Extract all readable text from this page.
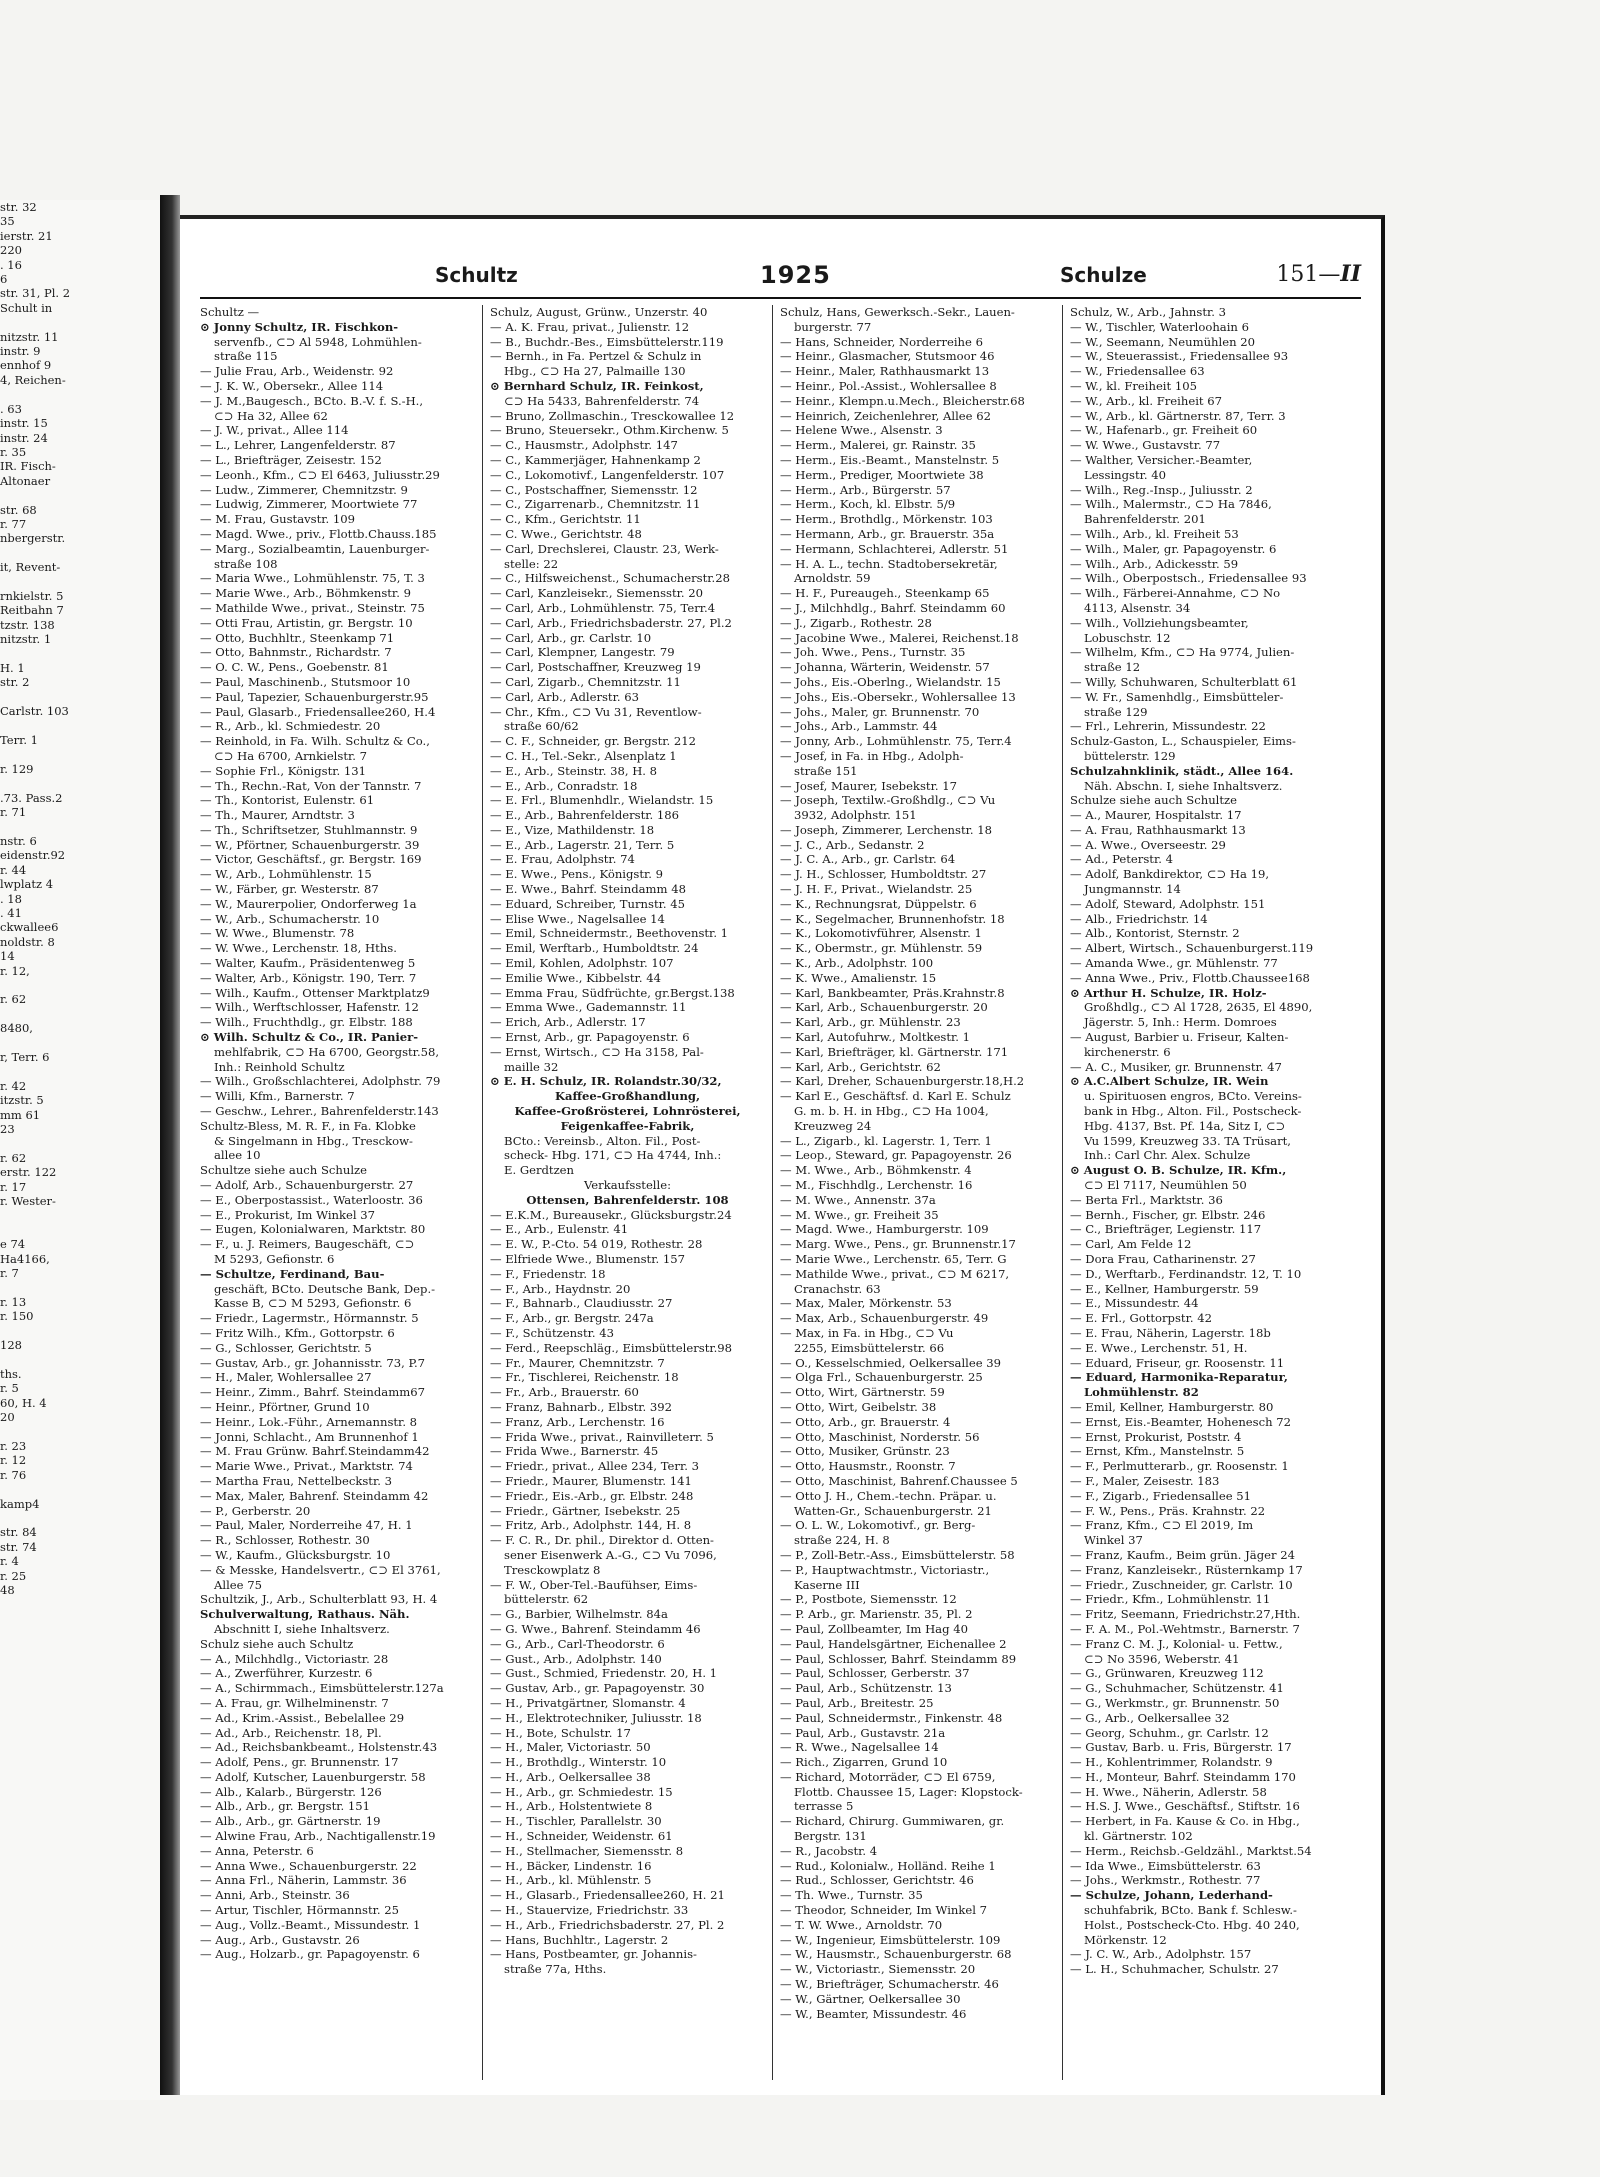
str. 32
35
ierstr. 21
220
. 16
6
str. 31, Pl. 2
Schult in

nitzstr. 11
instr. 9
ennhof 9
4, Reichen-

. 63
instr. 15
instr. 24
r. 35
IR. Fisch-
Altonaer

str. 68
r. 77
nbergerstr.

it, Revent-

rnkielstr. 5
Reitbahn 7
tzstr. 138
nitzstr. 1

H. 1
str. 2

Carlstr. 103

Terr. 1

r. 129

.73. Pass.2
r. 71

nstr. 6
eidenstr.92
r. 44
lwplatz 4
. 18
. 41
ckwallee6
noldstr. 8
14
r. 12,

r. 62

8480,

r, Terr. 6

r. 42
itzstr. 5
mm 61
23

r. 62
erstr. 122
r. 17
r. Wester-

e 74
Ha4166,
r. 7

r. 13
r. 150

128

ths.
r. 5
60, H. 4
20

r. 23
r. 12
r. 76

kamp4

str. 84
str. 74
r. 4
r. 25
48
Schultz	1925	Schulze	151—II
Schultz —
⊙ Jonny Schultz, IR. Fischkon-
servenfb., ⊂⊃ Al 5948, Lohmühlen-
straße 115
— Julie Frau, Arb., Weidenstr. 92
— J. K. W., Obersekr., Allee 114
— J. M.,Baugesch., BCto. B.-V. f. S.-H.,
⊂⊃ Ha 32, Allee 62
— J. W., privat., Allee 114
— L., Lehrer, Langenfelderstr. 87
— L., Briefträger, Zeisestr. 152
— Leonh., Kfm., ⊂⊃ El 6463, Juliusstr.29
— Ludw., Zimmerer, Chemnitzstr. 9
— Ludwig, Zimmerer, Moortwiete 77
— M. Frau, Gustavstr. 109
— Magd. Wwe., priv., Flottb.Chauss.185
— Marg., Sozialbeamtin, Lauenburger-
straße 108
— Maria Wwe., Lohmühlenstr. 75, T. 3
— Marie Wwe., Arb., Böhmkenstr. 9
— Mathilde Wwe., privat., Steinstr. 75
— Otti Frau, Artistin, gr. Bergstr. 10
— Otto, Buchhltr., Steenkamp 71
— Otto, Bahnmstr., Richardstr. 7
— O. C. W., Pens., Goebenstr. 81
— Paul, Maschinenb., Stutsmoor 10
— Paul, Tapezier, Schauenburgerstr.95
— Paul, Glasarb., Friedensallee260, H.4
— R., Arb., kl. Schmiedestr. 20
— Reinhold, in Fa. Wilh. Schultz & Co.,
⊂⊃ Ha 6700, Arnkielstr. 7
— Sophie Frl., Königstr. 131
— Th., Rechn.-Rat, Von der Tannstr. 7
— Th., Kontorist, Eulenstr. 61
— Th., Maurer, Arndtstr. 3
— Th., Schriftsetzer, Stuhlmannstr. 9
— W., Pförtner, Schauenburgerstr. 39
— Victor, Geschäftsf., gr. Bergstr. 169
— W., Arb., Lohmühlenstr. 15
— W., Färber, gr. Westerstr. 87
— W., Maurerpolier, Ondorferweg 1a
— W., Arb., Schumacherstr. 10
— W. Wwe., Blumenstr. 78
— W. Wwe., Lerchenstr. 18, Hths.
— Walter, Kaufm., Präsidentenweg 5
— Walter, Arb., Königstr. 190, Terr. 7
— Wilh., Kaufm., Ottenser Marktplatz9
— Wilh., Werftschlosser, Hafenstr. 12
— Wilh., Fruchthdlg., gr. Elbstr. 188
⊙ Wilh. Schultz & Co., IR. Panier-
mehlfabrik, ⊂⊃ Ha 6700, Georgstr.58,
Inh.: Reinhold Schultz
— Wilh., Großschlachterei, Adolphstr. 79
— Willi, Kfm., Barnerstr. 7
— Geschw., Lehrer., Bahrenfelderstr.143
Schultz-Bless, M. R. F., in Fa. Klobke
& Singelmann in Hbg., Tresckow-
allee 10
Schultze siehe auch Schulze
— Adolf, Arb., Schauenburgerstr. 27
— E., Oberpostassist., Waterloostr. 36
— E., Prokurist, Im Winkel 37
— Eugen, Kolonialwaren, Marktstr. 80
— F., u. J. Reimers, Baugeschäft, ⊂⊃
M 5293, Gefionstr. 6
— Schultze, Ferdinand, Bau-
geschäft, BCto. Deutsche Bank, Dep.-
Kasse B, ⊂⊃ M 5293, Gefionstr. 6
— Friedr., Lagermstr., Hörmannstr. 5
— Fritz Wilh., Kfm., Gottorpstr. 6
— G., Schlosser, Gerichtstr. 5
— Gustav, Arb., gr. Johannisstr. 73, P.7
— H., Maler, Wohlersallee 27
— Heinr., Zimm., Bahrf. Steindamm67
— Heinr., Pförtner, Grund 10
— Heinr., Lok.-Führ., Arnemannstr. 8
— Jonni, Schlacht., Am Brunnenhof 1
— M. Frau Grünw. Bahrf.Steindamm42
— Marie Wwe., Privat., Marktstr. 74
— Martha Frau, Nettelbeckstr. 3
— Max, Maler, Bahrenf. Steindamm 42
— P., Gerberstr. 20
— Paul, Maler, Norderreihe 47, H. 1
— R., Schlosser, Rothestr. 30
— W., Kaufm., Glücksburgstr. 10
— & Messke, Handelsvertr., ⊂⊃ El 3761,
Allee 75
Schultzik, J., Arb., Schulterblatt 93, H. 4
Schulverwaltung, Rathaus. Näh.
Abschnitt I, siehe Inhaltsverz.
Schulz siehe auch Schultz
— A., Milchhdlg., Victoriastr. 28
— A., Zwerführer, Kurzestr. 6
— A., Schirmmach., Eimsbüttelerstr.127a
— A. Frau, gr. Wilhelminenstr. 7
— Ad., Krim.-Assist., Bebelallee 29
— Ad., Arb., Reichenstr. 18, Pl.
— Ad., Reichsbankbeamt., Holstenstr.43
— Adolf, Pens., gr. Brunnenstr. 17
— Adolf, Kutscher, Lauenburgerstr. 58
— Alb., Kalarb., Bürgerstr. 126
— Alb., Arb., gr. Bergstr. 151
— Alb., Arb., gr. Gärtnerstr. 19
— Alwine Frau, Arb., Nachtigallenstr.19
— Anna, Peterstr. 6
— Anna Wwe., Schauenburgerstr. 22
— Anna Frl., Näherin, Lammstr. 36
— Anni, Arb., Steinstr. 36
— Artur, Tischler, Hörmannstr. 25
— Aug., Vollz.-Beamt., Missundestr. 1
— Aug., Arb., Gustavstr. 26
— Aug., Holzarb., gr. Papagoyenstr. 6
Schulz, August, Grünw., Unzerstr. 40
— A. K. Frau, privat., Julienstr. 12
— B., Buchdr.-Bes., Eimsbüttelerstr.119
— Bernh., in Fa. Pertzel & Schulz in
Hbg., ⊂⊃ Ha 27, Palmaille 130
⊙ Bernhard Schulz, IR. Feinkost,
⊂⊃ Ha 5433, Bahrenfelderstr. 74
— Bruno, Zollmaschin., Tresckowallee 12
— Bruno, Steuersekr., Othm.Kirchenw. 5
— C., Hausmstr., Adolphstr. 147
— C., Kammerjäger, Hahnenkamp 2
— C., Lokomotivf., Langenfelderstr. 107
— C., Postschaffner, Siemensstr. 12
— C., Zigarrenarb., Chemnitzstr. 11
— C., Kfm., Gerichtstr. 11
— C. Wwe., Gerichtstr. 48
— Carl, Drechslerei, Claustr. 23, Werk-
stelle: 22
— C., Hilfsweichenst., Schumacherstr.28
— Carl, Kanzleisekr., Siemensstr. 20
— Carl, Arb., Lohmühlenstr. 75, Terr.4
— Carl, Arb., Friedrichsbaderstr. 27, Pl.2
— Carl, Arb., gr. Carlstr. 10
— Carl, Klempner, Langestr. 79
— Carl, Postschaffner, Kreuzweg 19
— Carl, Zigarb., Chemnitzstr. 11
— Carl, Arb., Adlerstr. 63
— Chr., Kfm., ⊂⊃ Vu 31, Reventlow-
straße 60/62
— C. F., Schneider, gr. Bergstr. 212
— C. H., Tel.-Sekr., Alsenplatz 1
— E., Arb., Steinstr. 38, H. 8
— E., Arb., Conradstr. 18
— E. Frl., Blumenhdlr., Wielandstr. 15
— E., Arb., Bahrenfelderstr. 186
— E., Vize, Mathildenstr. 18
— E., Arb., Lagerstr. 21, Terr. 5
— E. Frau, Adolphstr. 74
— E. Wwe., Pens., Königstr. 9
— E. Wwe., Bahrf. Steindamm 48
— Eduard, Schreiber, Turnstr. 45
— Elise Wwe., Nagelsallee 14
— Emil, Schneidermstr., Beethovenstr. 1
— Emil, Werftarb., Humboldtstr. 24
— Emil, Kohlen, Adolphstr. 107
— Emilie Wwe., Kibbelstr. 44
— Emma Frau, Südfrüchte, gr.Bergst.138
— Emma Wwe., Gademannstr. 11
— Erich, Arb., Adlerstr. 17
— Ernst, Arb., gr. Papagoyenstr. 6
— Ernst, Wirtsch., ⊂⊃ Ha 3158, Pal-
maille 32
⊙ E. H. Schulz, IR. Rolandstr.30/32,
Kaffee-Großhandlung,
Kaffee-Großrösterei, Lohnrösterei,
Feigenkaffee-Fabrik,
BCto.: Vereinsb., Alton. Fil., Post-
scheck- Hbg. 171, ⊂⊃ Ha 4744, Inh.:
E. Gerdtzen
Verkaufsstelle:
Ottensen, Bahrenfelderstr. 108
— E.K.M., Bureausekr., Glücksburgstr.24
— E., Arb., Eulenstr. 41
— E. W., P.-Cto. 54 019, Rothestr. 28
— Elfriede Wwe., Blumenstr. 157
— F., Friedenstr. 18
— F., Arb., Haydnstr. 20
— F., Bahnarb., Claudiusstr. 27
— F., Arb., gr. Bergstr. 247a
— F., Schützenstr. 43
— Ferd., Reepschläg., Eimsbüttelerstr.98
— Fr., Maurer, Chemnitzstr. 7
— Fr., Tischlerei, Reichenstr. 18
— Fr., Arb., Brauerstr. 60
— Franz, Bahnarb., Elbstr. 392
— Franz, Arb., Lerchenstr. 16
— Frida Wwe., privat., Rainvilleterr. 5
— Frida Wwe., Barnerstr. 45
— Friedr., privat., Allee 234, Terr. 3
— Friedr., Maurer, Blumenstr. 141
— Friedr., Eis.-Arb., gr. Elbstr. 248
— Friedr., Gärtner, Isebekstr. 25
— Fritz, Arb., Adolphstr. 144, H. 8
— F. C. R., Dr. phil., Direktor d. Otten-
sener Eisenwerk A.-G., ⊂⊃ Vu 7096,
Tresckowplatz 8
— F. W., Ober-Tel.-Baufühser, Eims-
büttelerstr. 62
— G., Barbier, Wilhelmstr. 84a
— G. Wwe., Bahrenf. Steindamm 46
— G., Arb., Carl-Theodorstr. 6
— Gust., Arb., Adolphstr. 140
— Gust., Schmied, Friedenstr. 20, H. 1
— Gustav, Arb., gr. Papagoyenstr. 30
— H., Privatgärtner, Slomanstr. 4
— H., Elektrotechniker, Juliusstr. 18
— H., Bote, Schulstr. 17
— H., Maler, Victoriastr. 50
— H., Brothdlg., Winterstr. 10
— H., Arb., Oelkersallee 38
— H., Arb., gr. Schmiedestr. 15
— H., Arb., Holstentwiete 8
— H., Tischler, Parallelstr. 30
— H., Schneider, Weidenstr. 61
— H., Stellmacher, Siemensstr. 8
— H., Bäcker, Lindenstr. 16
— H., Arb., kl. Mühlenstr. 5
— H., Glasarb., Friedensallee260, H. 21
— H., Stauervize, Friedrichstr. 33
— H., Arb., Friedrichsbaderstr. 27, Pl. 2
— Hans, Buchhltr., Lagerstr. 2
— Hans, Postbeamter, gr. Johannis-
straße 77a, Hths.
Schulz, Hans, Gewerksch.-Sekr., Lauen-
burgerstr. 77
— Hans, Schneider, Norderreihe 6
— Heinr., Glasmacher, Stutsmoor 46
— Heinr., Maler, Rathhausmarkt 13
— Heinr., Pol.-Assist., Wohlersallee 8
— Heinr., Klempn.u.Mech., Bleicherstr.68
— Heinrich, Zeichenlehrer, Allee 62
— Helene Wwe., Alsenstr. 3
— Herm., Malerei, gr. Rainstr. 35
— Herm., Eis.-Beamt., Manstelnstr. 5
— Herm., Prediger, Moortwiete 38
— Herm., Arb., Bürgerstr. 57
— Herm., Koch, kl. Elbstr. 5/9
— Herm., Brothdlg., Mörkenstr. 103
— Hermann, Arb., gr. Brauerstr. 35a
— Hermann, Schlachterei, Adlerstr. 51
— H. A. L., techn. Stadtobersekretär,
Arnoldstr. 59
— H. F., Pureaugeh., Steenkamp 65
— J., Milchhdlg., Bahrf. Steindamm 60
— J., Zigarb., Rothestr. 28
— Jacobine Wwe., Malerei, Reichenst.18
— Joh. Wwe., Pens., Turnstr. 35
— Johanna, Wärterin, Weidenstr. 57
— Johs., Eis.-Oberlng., Wielandstr. 15
— Johs., Eis.-Obersekr., Wohlersallee 13
— Johs., Maler, gr. Brunnenstr. 70
— Johs., Arb., Lammstr. 44
— Jonny, Arb., Lohmühlenstr. 75, Terr.4
— Josef, in Fa. in Hbg., Adolph-
straße 151
— Josef, Maurer, Isebekstr. 17
— Joseph, Textilw.-Großhdlg., ⊂⊃ Vu
3932, Adolphstr. 151
— Joseph, Zimmerer, Lerchenstr. 18
— J. C., Arb., Sedanstr. 2
— J. C. A., Arb., gr. Carlstr. 64
— J. H., Schlosser, Humboldtstr. 27
— J. H. F., Privat., Wielandstr. 25
— K., Rechnungsrat, Düppelstr. 6
— K., Segelmacher, Brunnenhofstr. 18
— K., Lokomotivführer, Alsenstr. 1
— K., Obermstr., gr. Mühlenstr. 59
— K., Arb., Adolphstr. 100
— K. Wwe., Amalienstr. 15
— Karl, Bankbeamter, Präs.Krahnstr.8
— Karl, Arb., Schauenburgerstr. 20
— Karl, Arb., gr. Mühlenstr. 23
— Karl, Autofuhrw., Moltkestr. 1
— Karl, Briefträger, kl. Gärtnerstr. 171
— Karl, Arb., Gerichtstr. 62
— Karl, Dreher, Schauenburgerstr.18,H.2
— Karl E., Geschäftsf. d. Karl E. Schulz
G. m. b. H. in Hbg., ⊂⊃ Ha 1004,
Kreuzweg 24
— L., Zigarb., kl. Lagerstr. 1, Terr. 1
— Leop., Steward, gr. Papagoyenstr. 26
— M. Wwe., Arb., Böhmkenstr. 4
— M., Fischhdlg., Lerchenstr. 16
— M. Wwe., Annenstr. 37a
— M. Wwe., gr. Freiheit 35
— Magd. Wwe., Hamburgerstr. 109
— Marg. Wwe., Pens., gr. Brunnenstr.17
— Marie Wwe., Lerchenstr. 65, Terr. G
— Mathilde Wwe., privat., ⊂⊃ M 6217,
Cranachstr. 63
— Max, Maler, Mörkenstr. 53
— Max, Arb., Schauenburgerstr. 49
— Max, in Fa. in Hbg., ⊂⊃ Vu
2255, Eimsbüttelerstr. 66
— O., Kesselschmied, Oelkersallee 39
— Olga Frl., Schauenburgerstr. 25
— Otto, Wirt, Gärtnerstr. 59
— Otto, Wirt, Geibelstr. 38
— Otto, Arb., gr. Brauerstr. 4
— Otto, Maschinist, Norderstr. 56
— Otto, Musiker, Grünstr. 23
— Otto, Hausmstr., Roonstr. 7
— Otto, Maschinist, Bahrenf.Chaussee 5
— Otto J. H., Chem.-techn. Präpar. u.
Watten-Gr., Schauenburgerstr. 21
— O. L. W., Lokomotivf., gr. Berg-
straße 224, H. 8
— P., Zoll-Betr.-Ass., Eimsbüttelerstr. 58
— P., Hauptwachtmstr., Victoriastr.,
Kaserne III
— P., Postbote, Siemensstr. 12
— P. Arb., gr. Marienstr. 35, Pl. 2
— Paul, Zollbeamter, Im Hag 40
— Paul, Handelsgärtner, Eichenallee 2
— Paul, Schlosser, Bahrf. Steindamm 89
— Paul, Schlosser, Gerberstr. 37
— Paul, Arb., Schützenstr. 13
— Paul, Arb., Breitestr. 25
— Paul, Schneidermstr., Finkenstr. 48
— Paul, Arb., Gustavstr. 21a
— R. Wwe., Nagelsallee 14
— Rich., Zigarren, Grund 10
— Richard, Motorräder, ⊂⊃ El 6759,
Flottb. Chaussee 15, Lager: Klopstock-
terrasse 5
— Richard, Chirurg. Gummiwaren, gr.
Bergstr. 131
— R., Jacobstr. 4
— Rud., Kolonialw., Holländ. Reihe 1
— Rud., Schlosser, Gerichtstr. 46
— Th. Wwe., Turnstr. 35
— Theodor, Schneider, Im Winkel 7
— T. W. Wwe., Arnoldstr. 70
— W., Ingenieur, Eimsbüttelerstr. 109
— W., Hausmstr., Schauenburgerstr. 68
— W., Victoriastr., Siemensstr. 20
— W., Briefträger, Schumacherstr. 46
— W., Gärtner, Oelkersallee 30
— W., Beamter, Missundestr. 46
Schulz, W., Arb., Jahnstr. 3
— W., Tischler, Waterloohain 6
— W., Seemann, Neumühlen 20
— W., Steuerassist., Friedensallee 93
— W., Friedensallee 63
— W., kl. Freiheit 105
— W., Arb., kl. Freiheit 67
— W., Arb., kl. Gärtnerstr. 87, Terr. 3
— W., Hafenarb., gr. Freiheit 60
— W. Wwe., Gustavstr. 77
— Walther, Versicher.-Beamter,
Lessingstr. 40
— Wilh., Reg.-Insp., Juliusstr. 2
— Wilh., Malermstr., ⊂⊃ Ha 7846,
Bahrenfelderstr. 201
— Wilh., Arb., kl. Freiheit 53
— Wilh., Maler, gr. Papagoyenstr. 6
— Wilh., Arb., Adickesstr. 59
— Wilh., Oberpostsch., Friedensallee 93
— Wilh., Färberei-Annahme, ⊂⊃ No
4113, Alsenstr. 34
— Wilh., Vollziehungsbeamter,
Lobuschstr. 12
— Wilhelm, Kfm., ⊂⊃ Ha 9774, Julien-
straße 12
— Willy, Schuhwaren, Schulterblatt 61
— W. Fr., Samenhdlg., Eimsbütteler-
straße 129
— Frl., Lehrerin, Missundestr. 22
Schulz-Gaston, L., Schauspieler, Eims-
büttelerstr. 129
Schulzahnklinik, städt., Allee 164.
Näh. Abschn. I, siehe Inhaltsverz.
Schulze siehe auch Schultze
— A., Maurer, Hospitalstr. 17
— A. Frau, Rathhausmarkt 13
— A. Wwe., Overseestr. 29
— Ad., Peterstr. 4
— Adolf, Bankdirektor, ⊂⊃ Ha 19,
Jungmannstr. 14
— Adolf, Steward, Adolphstr. 151
— Alb., Friedrichstr. 14
— Alb., Kontorist, Sternstr. 2
— Albert, Wirtsch., Schauenburgerst.119
— Amanda Wwe., gr. Mühlenstr. 77
— Anna Wwe., Priv., Flottb.Chaussee168
⊙ Arthur H. Schulze, IR. Holz-
Großhdlg., ⊂⊃ Al 1728, 2635, El 4890,
Jägerstr. 5, Inh.: Herm. Domroes
— August, Barbier u. Friseur, Kalten-
kirchenerstr. 6
— A. C., Musiker, gr. Brunnenstr. 47
⊙ A.C.Albert Schulze, IR. Wein
u. Spirituosen engros, BCto. Vereins-
bank in Hbg., Alton. Fil., Postscheck-
Hbg. 4137, Bst. Pf. 14a, Sitz I, ⊂⊃
Vu 1599, Kreuzweg 33. TA Trüsart,
Inh.: Carl Chr. Alex. Schulze
⊙ August O. B. Schulze, IR. Kfm.,
⊂⊃ El 7117, Neumühlen 50
— Berta Frl., Marktstr. 36
— Bernh., Fischer, gr. Elbstr. 246
— C., Briefträger, Legienstr. 117
— Carl, Am Felde 12
— Dora Frau, Catharinenstr. 27
— D., Werftarb., Ferdinandstr. 12, T. 10
— E., Kellner, Hamburgerstr. 59
— E., Missundestr. 44
— E. Frl., Gottorpstr. 42
— E. Frau, Näherin, Lagerstr. 18b
— E. Wwe., Lerchenstr. 51, H.
— Eduard, Friseur, gr. Roosenstr. 11
— Eduard, Harmonika-Reparatur,
Lohmühlenstr. 82
— Emil, Kellner, Hamburgerstr. 80
— Ernst, Eis.-Beamter, Hohenesch 72
— Ernst, Prokurist, Poststr. 4
— Ernst, Kfm., Manstelnstr. 5
— F., Perlmutterarb., gr. Roosenstr. 1
— F., Maler, Zeisestr. 183
— F., Zigarb., Friedensallee 51
— F. W., Pens., Präs. Krahnstr. 22
— Franz, Kfm., ⊂⊃ El 2019, Im
Winkel 37
— Franz, Kaufm., Beim grün. Jäger 24
— Franz, Kanzleisekr., Rüsternkamp 17
— Friedr., Zuschneider, gr. Carlstr. 10
— Friedr., Kfm., Lohmühlenstr. 11
— Fritz, Seemann, Friedrichstr.27,Hth.
— F. A. M., Pol.-Wehtmstr., Barnerstr. 7
— Franz C. M. J., Kolonial- u. Fettw.,
⊂⊃ No 3596, Weberstr. 41
— G., Grünwaren, Kreuzweg 112
— G., Schuhmacher, Schützenstr. 41
— G., Werkmstr., gr. Brunnenstr. 50
— G., Arb., Oelkersallee 32
— Georg, Schuhm., gr. Carlstr. 12
— Gustav, Barb. u. Fris, Bürgerstr. 17
— H., Kohlentrimmer, Rolandstr. 9
— H., Monteur, Bahrf. Steindamm 170
— H. Wwe., Näherin, Adlerstr. 58
— H.S. J. Wwe., Geschäftsf., Stiftstr. 16
— Herbert, in Fa. Kause & Co. in Hbg.,
kl. Gärtnerstr. 102
— Herm., Reichsb.-Geldzähl., Marktst.54
— Ida Wwe., Eimsbüttelerstr. 63
— Johs., Werkmstr., Rothestr. 77
— Schulze, Johann, Lederhand-
schuhfabrik, BCto. Bank f. Schlesw.-
Holst., Postscheck-Cto. Hbg. 40 240,
Mörkenstr. 12
— J. C. W., Arb., Adolphstr. 157
— L. H., Schuhmacher, Schulstr. 27
